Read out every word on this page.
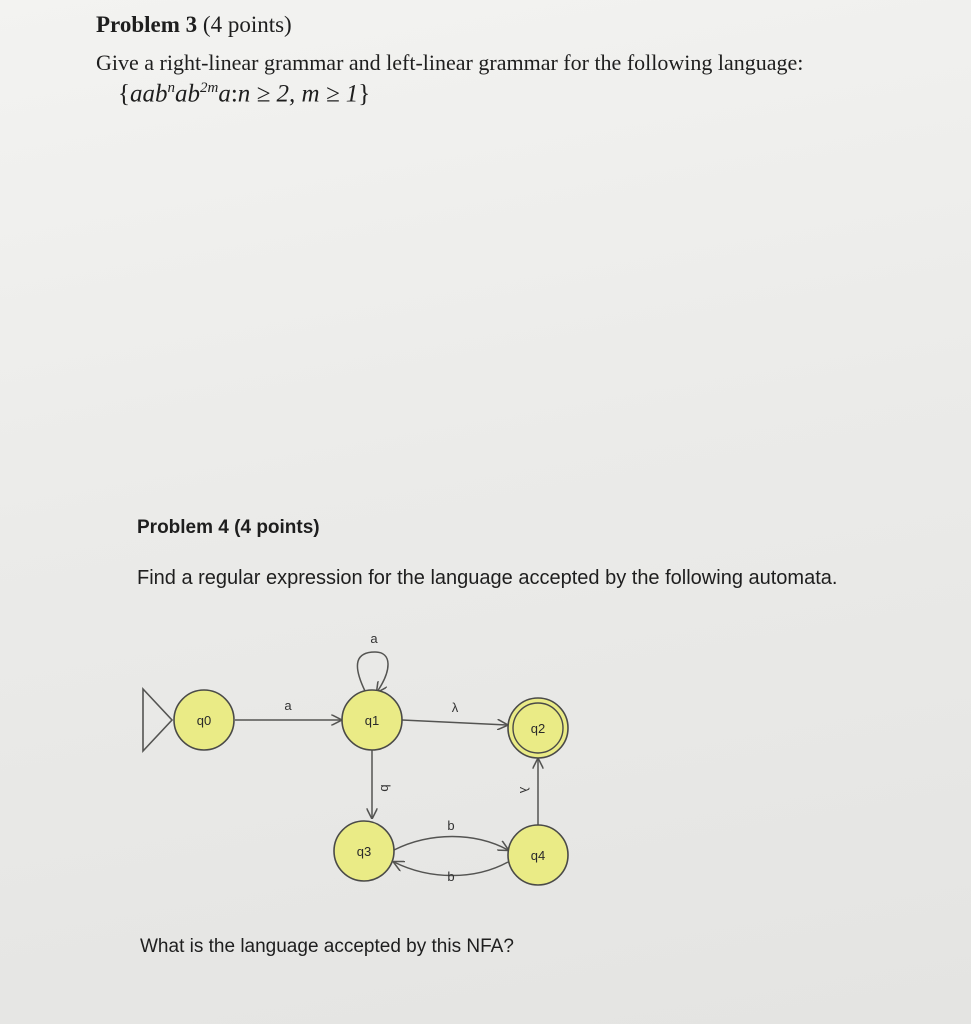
Problem 3 (4 points)
Give a right-linear grammar and left-linear grammar for the following language:
{$aab^nab^{2m}a:n \ge 2$, m ≥ 1}
Problem 4 (4 points)
Find a regular expression for the language accepted by the following automata.
a
a
λ
b
b
b
λ
q0	q1
q2
q3	q4
What is the language accepted by this NFA?
